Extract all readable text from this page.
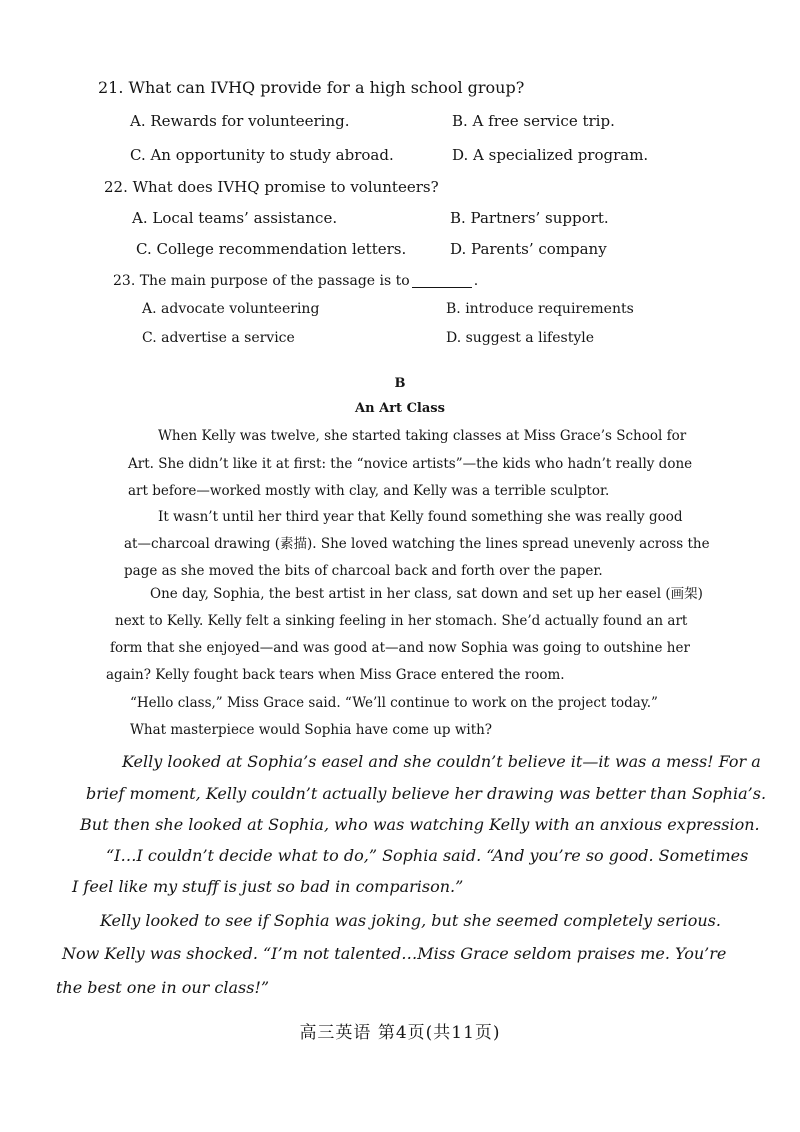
21. What can IVHQ provide for a high school group?
A. Rewards for volunteering.	B. A free service trip.
C. An opportunity to study abroad.	D. A specialized program.
22. What does IVHQ promise to volunteers?
A. Local teams’ assistance.	B. Partners’ support.
C. College recommendation letters.	D. Parents’ company
23. The main purpose of the passage is to	.
A. advocate volunteering	B. introduce requirements
C. advertise a service	D. suggest a lifestyle
B
An Art Class
When Kelly was twelve, she started taking classes at Miss Grace’s School for
Art. She didn’t like it at first: the “novice artists”—the kids who hadn’t really done
art before—worked mostly with clay, and Kelly was a terrible sculptor.
It wasn’t until her third year that Kelly found something she was really good
at—charcoal drawing (素描). She loved watching the lines spread unevenly across the
page as she moved the bits of charcoal back and forth over the paper.
One day, Sophia, the best artist in her class, sat down and set up her easel (画架)
next to Kelly. Kelly felt a sinking feeling in her stomach. She’d actually found an art
form that she enjoyed—and was good at—and now Sophia was going to outshine her
again? Kelly fought back tears when Miss Grace entered the room.
“Hello class,” Miss Grace said. “We’ll continue to work on the project today.”
What masterpiece would Sophia have come up with?
Kelly looked at Sophia’s easel and she couldn’t believe it—it was a mess! For a
brief moment, Kelly couldn’t actually believe her drawing was better than Sophia’s.
But then she looked at Sophia, who was watching Kelly with an anxious expression.
“I…I couldn’t decide what to do,” Sophia said. “And you’re so good. Sometimes
I feel like my stuff is just so bad in comparison.”
Kelly looked to see if Sophia was joking, but she seemed completely serious.
Now Kelly was shocked. “I’m not talented…Miss Grace seldom praises me. You’re
the best one in our class!”
高三英语 第4页(共11页)
